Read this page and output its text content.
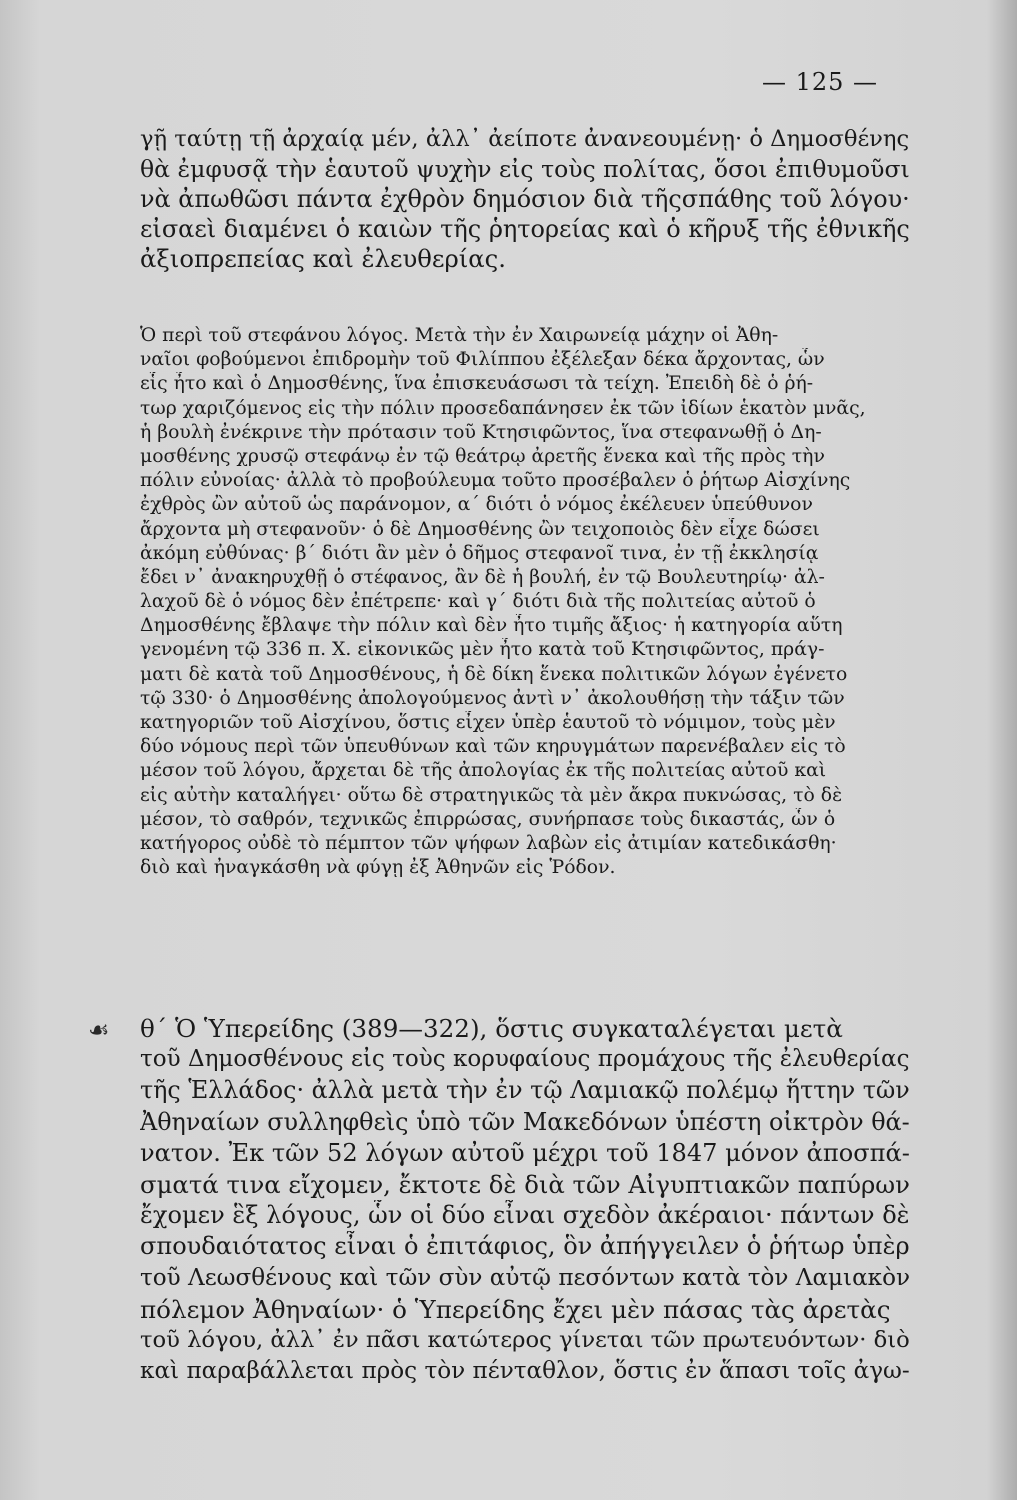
— 125 —
γῇ ταύτῃ τῇ ἀρχαίᾳ μέν, ἀλλ᾽ ἀείποτε ἀνανεουμένῃ· ὁ Δημοσθένης
θὰ ἐμφυσᾷ τὴν ἑαυτοῦ ψυχὴν εἰς τοὺς πολίτας, ὅσοι ἐπιθυμοῦσι
νὰ ἀπωθῶσι πάντα ἐχθρὸν δημόσιον διὰ τῆςσπάθης τοῦ λόγου·
εἰσαεὶ διαμένει ὁ καιὼν τῆς ῥητορείας καὶ ὁ κῆρυξ τῆς ἐθνικῆς
ἀξιοπρεπείας καὶ ἐλευθερίας.
Ὁ περὶ τοῦ στεφάνου λόγος. Μετὰ τὴν ἐν Χαιρωνείᾳ μάχην οἱ Ἀθη-
ναῖοι φοβούμενοι ἐπιδρομὴν τοῦ Φιλίππου ἐξέλεξαν δέκα ἄρχοντας, ὧν
εἷς ἦτο καὶ ὁ Δημοσθένης, ἵνα ἐπισκευάσωσι τὰ τείχη. Ἐπειδὴ δὲ ὁ ῥή-
τωρ χαριζόμενος εἰς τὴν πόλιν προσεδαπάνησεν ἐκ τῶν ἰδίων ἑκατὸν μνᾶς,
ἡ βουλὴ ἐνέκρινε τὴν πρότασιν τοῦ Κτησιφῶντος, ἵνα στεφανωθῇ ὁ Δη-
μοσθένης χρυσῷ στεφάνῳ ἐν τῷ θεάτρῳ ἀρετῆς ἕνεκα καὶ τῆς πρὸς τὴν
πόλιν εὐνοίας· ἀλλὰ τὸ προβούλευμα τοῦτο προσέβαλεν ὁ ῥήτωρ Αἰσχίνης
ἐχθρὸς ὢν αὐτοῦ ὡς παράνομον, α´ διότι ὁ νόμος ἐκέλευεν ὑπεύθυνον
ἄρχοντα μὴ στεφανοῦν· ὁ δὲ Δημοσθένης ὢν τειχοποιὸς δὲν εἶχε δώσει
ἀκόμη εὐθύνας· β´ διότι ἂν μὲν ὁ δῆμος στεφανοῖ τινα, ἐν τῇ ἐκκλησίᾳ
ἔδει ν᾽ ἀνακηρυχθῇ ὁ στέφανος, ἂν δὲ ἡ βουλή, ἐν τῷ Βουλευτηρίῳ· ἀλ-
λαχοῦ δὲ ὁ νόμος δὲν ἐπέτρεπε· καὶ γ´ διότι διὰ τῆς πολιτείας αὐτοῦ ὁ
Δημοσθένης ἔβλαψε τὴν πόλιν καὶ δὲν ἦτο τιμῆς ἄξιος· ἡ κατηγορία αὕτη
γενομένη τῷ 336 π. Χ. εἰκονικῶς μὲν ἦτο κατὰ τοῦ Κτησιφῶντος, πράγ-
ματι δὲ κατὰ τοῦ Δημοσθένους, ἡ δὲ δίκη ἕνεκα πολιτικῶν λόγων ἐγένετο
τῷ 330· ὁ Δημοσθένης ἀπολογούμενος ἀντὶ ν᾽ ἀκολουθήσῃ τὴν τάξιν τῶν
κατηγοριῶν τοῦ Αἰσχίνου, ὅστις εἶχεν ὑπὲρ ἑαυτοῦ τὸ νόμιμον, τοὺς μὲν
δύο νόμους περὶ τῶν ὑπευθύνων καὶ τῶν κηρυγμάτων παρενέβαλεν εἰς τὸ
μέσον τοῦ λόγου, ἄρχεται δὲ τῆς ἀπολογίας ἐκ τῆς πολιτείας αὐτοῦ καὶ
εἰς αὐτὴν καταλήγει· οὕτω δὲ στρατηγικῶς τὰ μὲν ἄκρα πυκνώσας, τὸ δὲ
μέσον, τὸ σαθρόν, τεχνικῶς ἐπιρρώσας, συνήρπασε τοὺς δικαστάς, ὧν ὁ
κατήγορος οὐδὲ τὸ πέμπτον τῶν ψήφων λαβὼν εἰς ἀτιμίαν κατεδικάσθη·
διὸ καὶ ἠναγκάσθη νὰ φύγῃ ἐξ Ἀθηνῶν εἰς Ῥόδον.
☙ θ´ Ὁ Ὑπερείδης (389—322), ὅστις συγκαταλέγεται μετὰ
τοῦ Δημοσθένους εἰς τοὺς κορυφαίους προμάχους τῆς ἐλευθερίας
τῆς Ἑλλάδος· ἀλλὰ μετὰ τὴν ἐν τῷ Λαμιακῷ πολέμῳ ἥττην τῶν
Ἀθηναίων συλληφθεὶς ὑπὸ τῶν Μακεδόνων ὑπέστη οἰκτρὸν θά-
νατον. Ἐκ τῶν 52 λόγων αὐτοῦ μέχρι τοῦ 1847 μόνον ἀποσπά-
σματά τινα εἴχομεν, ἔκτοτε δὲ διὰ τῶν Αἰγυπτιακῶν παπύρων
ἔχομεν ἓξ λόγους, ὧν οἱ δύο εἶναι σχεδὸν ἀκέραιοι· πάντων δὲ
σπουδαιότατος εἶναι ὁ ἐπιτάφιος, ὃν ἀπήγγειλεν ὁ ῥήτωρ ὑπὲρ
τοῦ Λεωσθένους καὶ τῶν σὺν αὐτῷ πεσόντων κατὰ τὸν Λαμιακὸν
πόλεμον Ἀθηναίων· ὁ Ὑπερείδης ἔχει μὲν πάσας τὰς ἀρετὰς
τοῦ λόγου, ἀλλ᾽ ἐν πᾶσι κατώτερος γίνεται τῶν πρωτευόντων· διὸ
καὶ παραβάλλεται πρὸς τὸν πένταθλον, ὅστις ἐν ἅπασι τοῖς ἀγω-
